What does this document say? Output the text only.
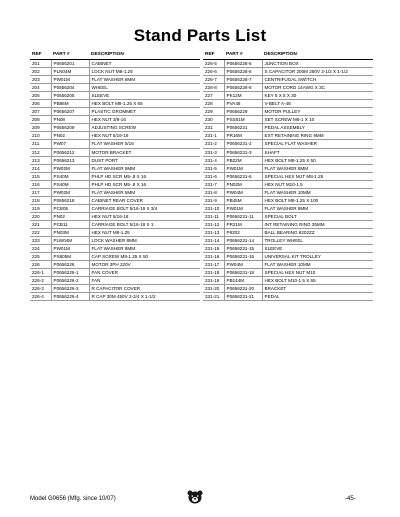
Stand Parts List
REF	PART #	DESCRIPTION
201	P0656201	CABINET
202	PLN04M	LOCK NUT M8-1.25
203	PW01M	FLAT WASHER 8MM
204	P0656204	WHEEL
205	P0656205	SLEEVE
206	PB86M	HEX BOLT M8-1.25 X 65
207	P0656207	PLASTIC GROMMET
208	PN08	HEX NUT 3/8-16
209	P0656209	ADJUSTING SCREW
210	PN02	HEX NUT 5/16-18
211	PW07	FLAT WASHER 5/16
212	P0656212	MOTOR BRACKET
213	P0656213	DUST PORT
214	PW02M	FLAT WASHER 5MM
215	PS40M	PHLP HD SCR M5-.8 X 16
216	PS40M	PHLP HD SCR M5-.8 X 16
217	PW02M	FLAT WASHER 5MM
218	P0656218	CABINET REAR COVER
219	PCB05	CARRIAGE BOLT 5/16-18 X 3/4
220	PN02	HEX NUT 5/16-18
221	PCB11	CARRIAGE BOLT 5/16-18 X 1
222	PN03M	HEX NUT M8-1.25
223	PLW04M	LOCK WASHER 8MM
224	PW01M	FLAT WASHER 8MM
225	PS805M	CAP SCREW M8-1.25 X 50
226	P0656226	MOTOR 3PH 220V
226-1	P0656226-1	FAN COVER
226-2	P0656226-2	FAN
226-3	P0656226-3	R CAPACITOR COVER
226-4	P0656226-4	R CAP 30M 450V 2-3/4 X 1-1/2
REF	PART #	DESCRIPTION
226-5	P0656226-5	JUNCTION BOX
226-6	P0656226-6	S CAPACITOR 200M 250V 3-1/2 X 1-1/2
226-7	P0656226-7	CENTRIFUGAL SWITCH
226-8	P0656226-8	MOTOR CORD 14AWG X 3C
227	PK12M	KEY 5 X 5 X 30
228	PVA48	V-BELT A-48
229	P0656229	MOTOR PULLEY
230	PSS01M	SET SCREW M6-1 X 10
231	P0656231	PEDAL ASSEMBLY
231-1	PR16M	EXT RETAINING RING 9MM
231-2	P0656231-2	SPECIAL FLAT WASHER
231-3	P0656231-3	SHAFT
231-4	PB22M	HEX BOLT M8-1.25 X 50
231-5	PW01M	FLAT WASHER 8MM
231-6	P0656231-6	SPECIAL HEX NUT M8-1.25
231-7	PN02M	HEX NUT M10-1.5
231-8	PW04M	FLAT WASHER 10MM
231-9	PB45M	HEX BOLT M8-1.25 X 100
231-10	PW01M	FLAT WASHER 8MM
231-11	P0656231-11	SPECIAL BOLT
231-12	PR21M	INT RETAINING RING 35MM
231-13	P6202	BALL BEARING 6202ZZ
231-14	P0656231-14	TROLLEY WHEEL
231-15	P0656231-15	SLEEVE
231-16	P0656231-16	UNIVERSAL KIT TROLLEY
231-17	PW04M	FLAT WASHER 10MM
231-18	P0656231-18	SPECIAL HEX NUT M10
231-19	PB144M	HEX BOLT M10-1.5 X 55
231-20	P0656231-20	BRACKET
231-21	P0656231-21	PEDAL
Model G0656 (Mfg. since 10/07)	-45-
